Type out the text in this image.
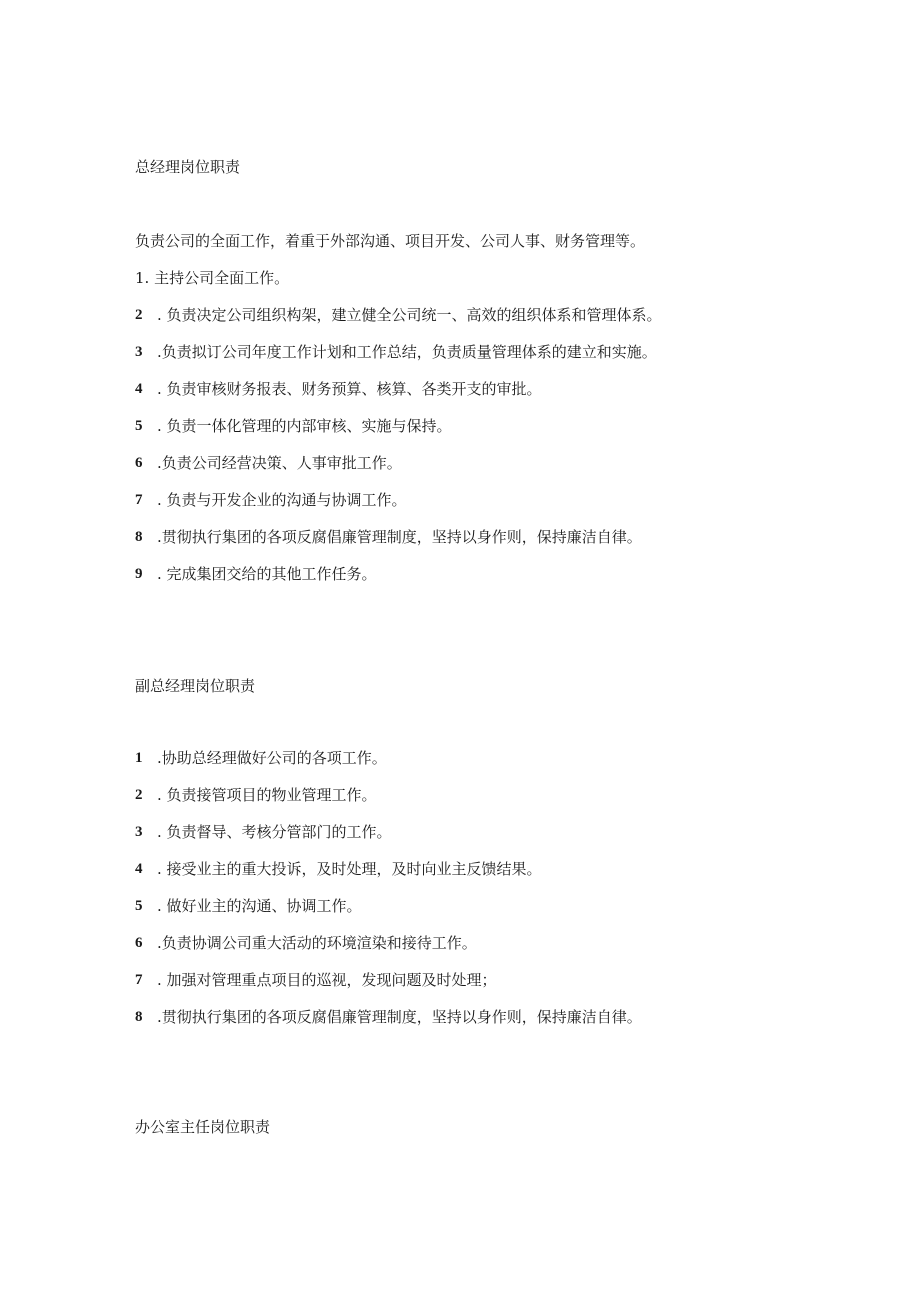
总经理岗位职责
负责公司的全面工作，着重于外部沟通、项目开发、公司人事、财务管理等。
1. 主持公司全面工作。
2 . 负责决定公司组织构架，建立健全公司统一、高效的组织体系和管理体系。
3 .负责拟订公司年度工作计划和工作总结，负责质量管理体系的建立和实施。
4 . 负责审核财务报表、财务预算、核算、各类开支的审批。
5 . 负责一体化管理的内部审核、实施与保持。
6 .负责公司经营决策、人事审批工作。
7 . 负责与开发企业的沟通与协调工作。
8 .贯彻执行集团的各项反腐倡廉管理制度，坚持以身作则，保持廉洁自律。
9 . 完成集团交给的其他工作任务。
副总经理岗位职责
1 .协助总经理做好公司的各项工作。
2 . 负责接管项目的物业管理工作。
3 . 负责督导、考核分管部门的工作。
4 . 接受业主的重大投诉，及时处理，及时向业主反馈结果。
5 . 做好业主的沟通、协调工作。
6 .负责协调公司重大活动的环境渲染和接待工作。
7 . 加强对管理重点项目的巡视，发现问题及时处理；
8 .贯彻执行集团的各项反腐倡廉管理制度，坚持以身作则，保持廉洁自律。
办公室主任岗位职责
